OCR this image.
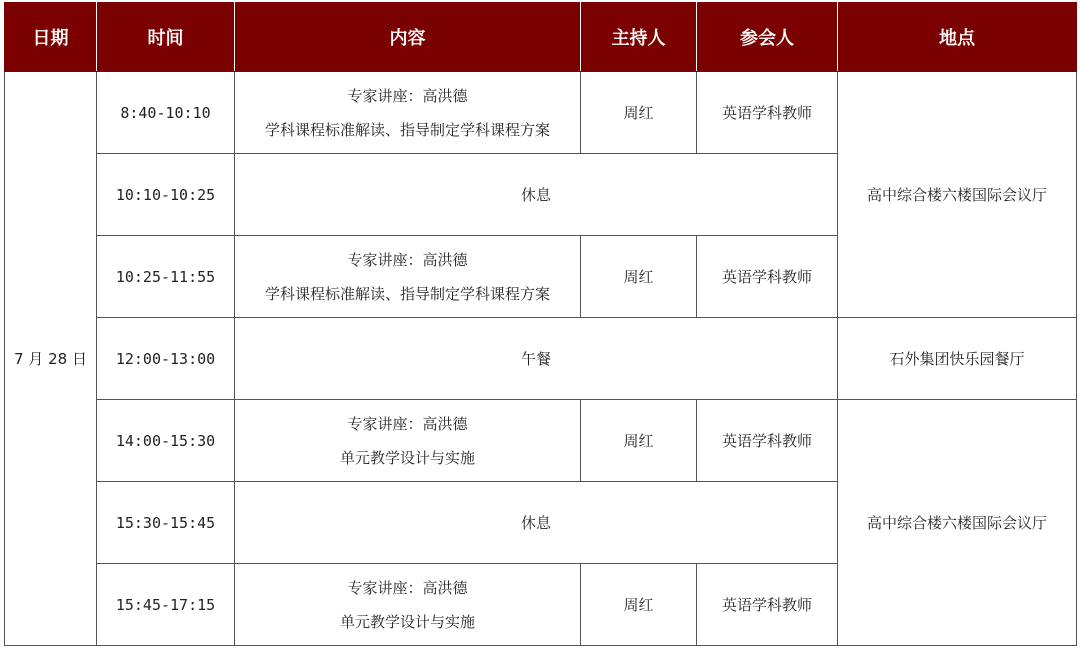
日期	时间	内容	主持人	参会人	地点
7 月 28 日	8:40-10:10	专家讲座：高洪德
学科课程标准解读、指导制定学科课程方案	周红	英语学科教师	高中综合楼六楼国际会议厅
	10:10-10:25	休息			
	10:25-11:55	专家讲座：高洪德
学科课程标准解读、指导制定学科课程方案	周红	英语学科教师	
	12:00-13:00	午餐			石外集团快乐园餐厅
	14:00-15:30	专家讲座：高洪德
单元教学设计与实施	周红	英语学科教师	高中综合楼六楼国际会议厅
	15:30-15:45	休息			
	15:45-17:15	专家讲座：高洪德
单元教学设计与实施	周红	英语学科教师	
